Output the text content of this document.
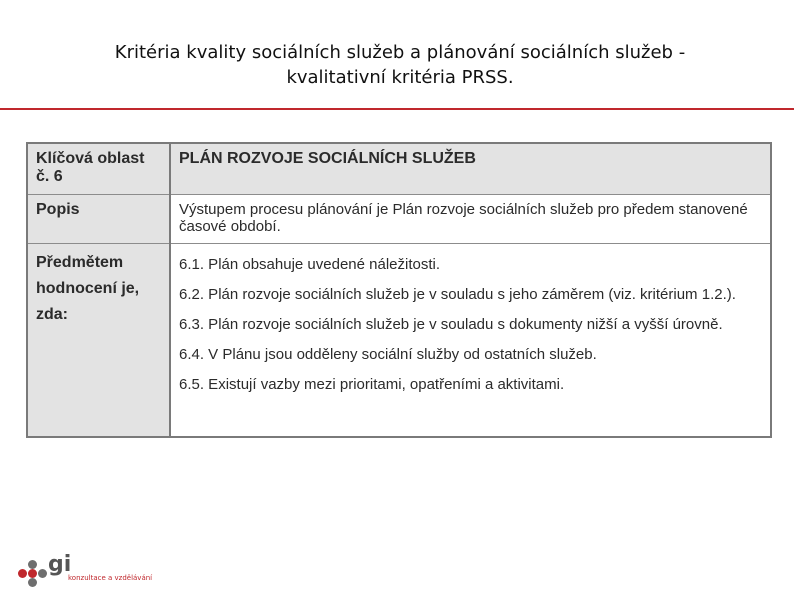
Kritéria kvality sociálních služeb a plánování sociálních služeb -
kvalitativní kritéria PRSS.
Klíčová oblast č. 6	PLÁN ROZVOJE SOCIÁLNÍCH SLUŽEB
Popis	Výstupem procesu plánování je Plán rozvoje sociálních služeb pro předem stanovené časové období.

Předmětem
hodnocení je, zda:	6.1. Plán obsahuje uvedené náležitosti.
6.2. Plán rozvoje sociálních služeb je v souladu s jeho záměrem (viz. kritérium 1.2.).
6.3. Plán rozvoje sociálních služeb je v souladu s dokumenty nižší a vyšší úrovně.
6.4. V Plánu jsou odděleny sociální služby od ostatních služeb.
6.5. Existují vazby mezi prioritami, opatřeními a aktivitami.
gi
konzultace a vzdělávání
